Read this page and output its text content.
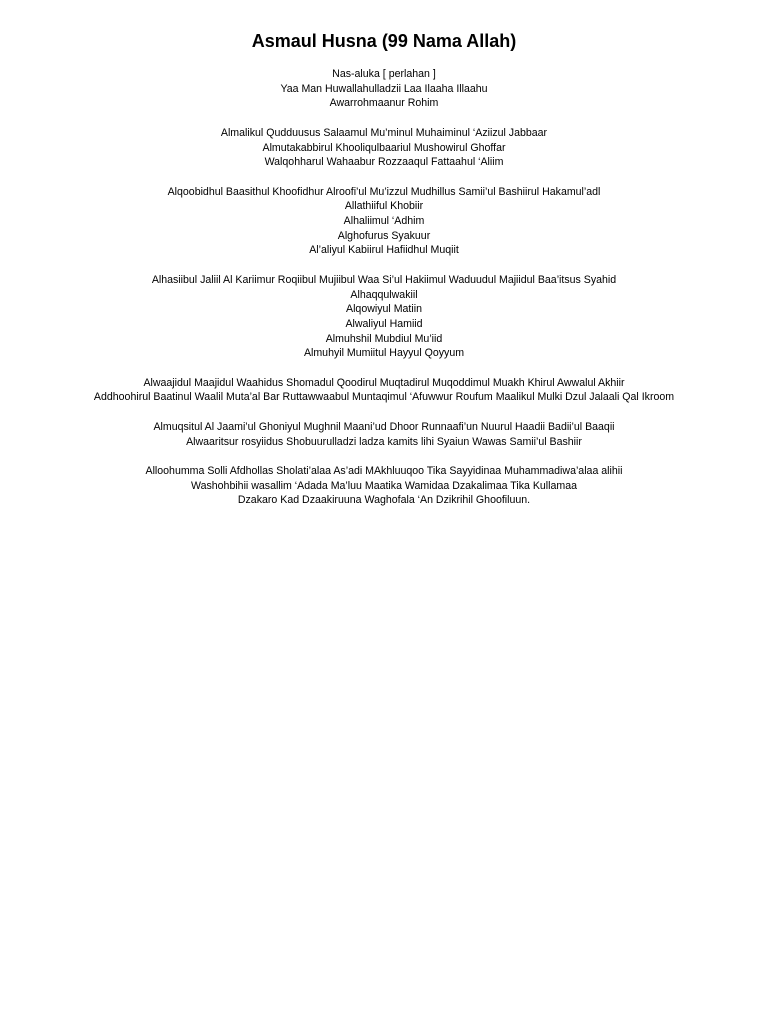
Asmaul Husna (99 Nama Allah)
Nas-aluka [ perlahan ]
Yaa Man Huwallahulladzii Laa Ilaaha Illaahu
Awarrohmaanur Rohim
Almalikul Qudduusus Salaamul Mu’minul Muhaiminul ‘Aziizul Jabbaar
Almutakabbirul Khooliqulbaariul Mushowirul Ghoffar
Walqohharul Wahaabur Rozzaaqul Fattaahul ‘Aliim
Alqoobidhul Baasithul Khoofidhur Alroofi’ul Mu’izzul Mudhillus Samii’ul Bashiirul Hakamul’adl
Allathiiful Khobiir
Alhaliimul ‘Adhim
Alghofurus Syakuur
Al’aliyul Kabiirul Hafiidhul Muqiit
Alhasiibul Jaliil Al Kariimur Roqiibul Mujiibul Waa Si’ul Hakiimul Waduudul Majiidul Baa’itsus Syahid
Alhaqqulwakiil
Alqowiyul Matiin
Alwaliyul Hamiid
Almuhshil Mubdiul Mu’iid
Almuhyil Mumiitul Hayyul Qoyyum
Alwaajidul Maajidul Waahidus Shomadul Qoodirul Muqtadirul Muqoddimul Muakh Khirul Awwalul Akhiir
Addhoohirul Baatinul Waalil Muta’al Bar Ruttawwaabul Muntaqimul ‘Afuwwur Roufum Maalikul Mulki Dzul Jalaali Qal Ikroom
Almuqsitul Al Jaami’ul Ghoniyul Mughnil Maani’ud Dhoor Runnaafi’un Nuurul Haadii Badii’ul Baaqii
Alwaaritsur rosyiidus Shobuurulladzi ladza kamits lihi Syaiun Wawas Samii’ul Bashiir
Alloohumma Solli Afdhollas Sholati’alaa As’adi MAkhluuqoo Tika Sayyidinaa Muhammadiwa’alaa alihii
Washohbihii wasallim ‘Adada Ma’luu Maatika Wamidaa Dzakalimaa Tika Kullamaa
Dzakaro Kad Dzaakiruuna Waghofala ‘An Dzikrihil Ghoofiluun.
